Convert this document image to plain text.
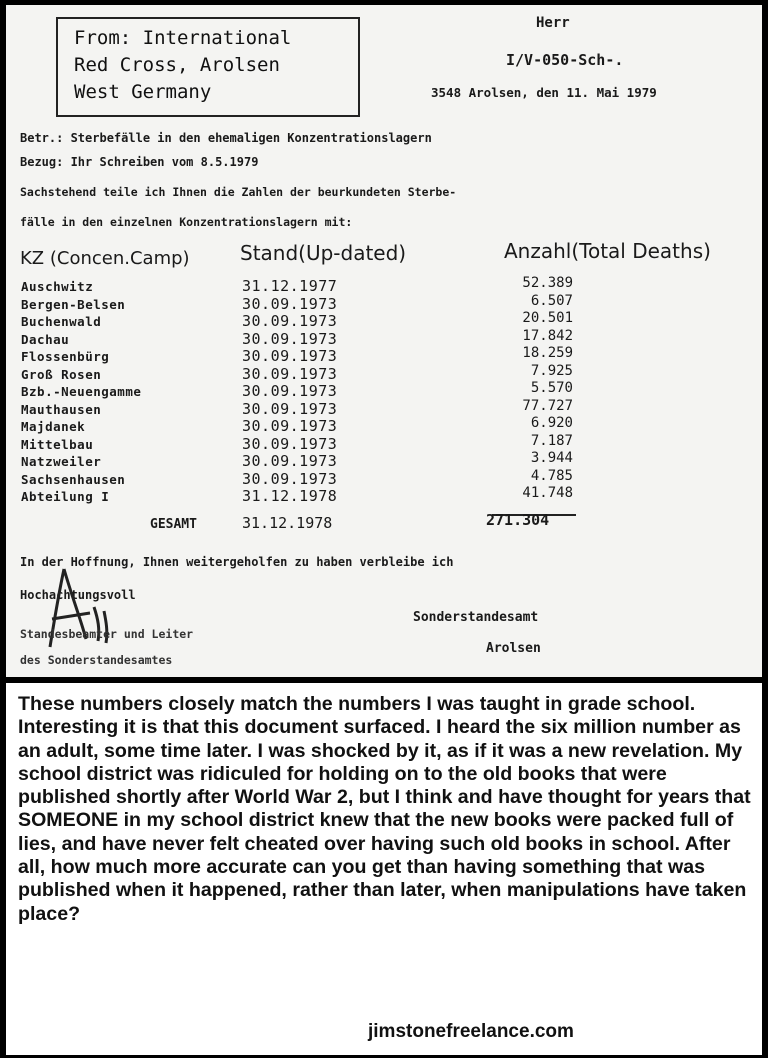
From: International
Red Cross, Arolsen
West Germany
Herr
I/V-050-Sch-.
3548 Arolsen, den 11. Mai 1979
Betr.: Sterbefälle in den ehemaligen Konzentrationslagern
Bezug: Ihr Schreiben vom 8.5.1979
Sachstehend teile ich Ihnen die Zahlen der beurkundeten Sterbe-
fälle in den einzelnen Konzentrationslagern mit:
KZ (Concen.Camp)	Stand(Up-dated)	Anzahl(Total Deaths)
Auschwitz	31.12.1977	52.389
Bergen-Belsen	30.09.1973	6.507
Buchenwald	30.09.1973	20.501
Dachau	30.09.1973	17.842
Flossenbürg	30.09.1973	18.259
Groß Rosen	30.09.1973	7.925
Bzb.-Neuengamme	30.09.1973	5.570
Mauthausen	30.09.1973	77.727
Majdanek	30.09.1973	6.920
Mittelbau	30.09.1973	7.187
Natzweiler	30.09.1973	3.944
Sachsenhausen	30.09.1973	4.785
Abteilung I	31.12.1978	41.748
GESAMT	31.12.1978	271.304
In der Hoffnung, Ihnen weitergeholfen zu haben verbleibe ich
Hochachtungsvoll
Standesbeamter und Leiter
des Sonderstandesamtes
Sonderstandesamt
Arolsen

These numbers closely match the numbers I was taught in grade school. Interesting it is that this document surfaced. I heard the six million number as an adult, some time later. I was shocked by it, as if it was a new revelation. My school district was ridiculed for holding on to the old books that were published shortly after World War 2, but I think and have thought for years that SOMEONE in my school district knew that the new books were packed full of lies, and have never felt cheated over having such old books in school. After all, how much more accurate can you get than having something that was published when it happened, rather than later, when manipulations have taken place?

jimstonefreelance.com
